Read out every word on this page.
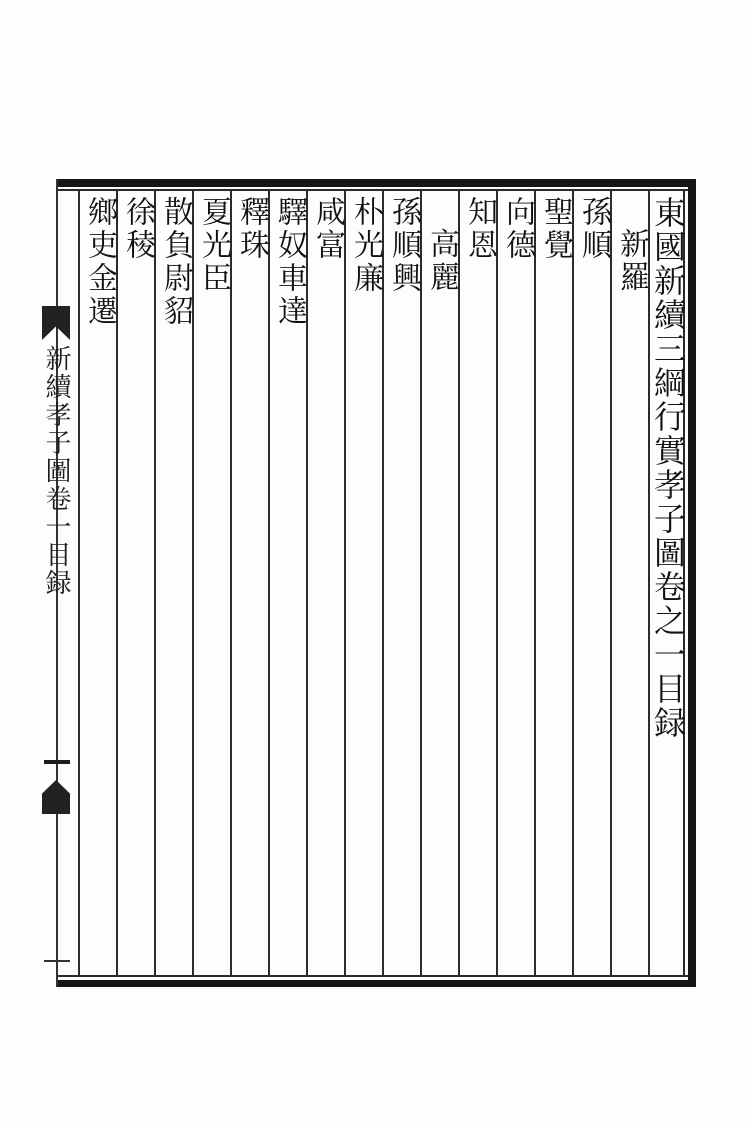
新續孝子圖卷一目録	東國新續三綱行實孝子圖卷之一目録
新羅
孫順
聖覺
向德
知恩
高麗
孫順興
朴光廉
咸富
驛奴車達
釋珠
夏光臣
散負尉貂
徐稜
鄉吏金遷
